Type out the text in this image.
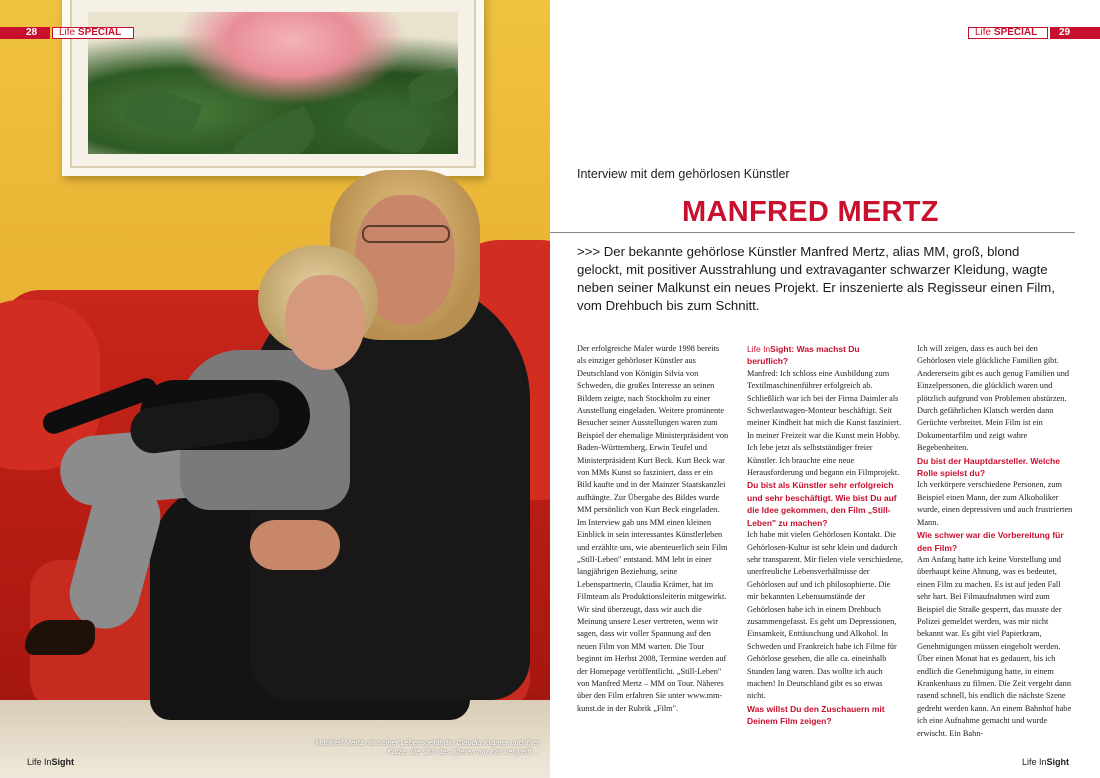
Manfred Mertz mit seiner Lebensgefährtin Claudia Krämer und ihrer Katze, die sich des öfteren am Fax vergreift ...
28	Life SPECIAL	Life SPECIAL	29
Life InSight	Life InSight
Interview mit dem gehörlosen Künstler
MANFRED MERTZ
>>> Der bekannte gehörlose Künstler Manfred Mertz, alias MM, groß, blond gelockt, mit positiver Ausstrahlung und extravaganter schwarzer Kleidung, wagte neben seiner Malkunst ein neues Projekt. Er inszenierte als Regisseur einen Film, vom Drehbuch bis zum Schnitt.

Der erfolgreiche Maler wurde 1998 bereits als einziger gehörloser Künstler aus Deutschland von Königin Silvia von Schweden, die großes Interesse an seinen Bildern zeigte, nach Stockholm zu einer Ausstellung eingeladen. Weitere prominente Besucher seiner Ausstellungen waren zum Beispiel der ehemalige Ministerpräsident von Baden-Württemberg, Erwin Teufel und Ministerpräsident Kurt Beck. Kurt Beck war von MMs Kunst so fasziniert, dass er ein Bild kaufte und in der Mainzer Staatskanzlei aufhängte. Zur Übergabe des Bildes wurde MM persönlich von Kurt Beck eingeladen.

Im Interview gab uns MM einen kleinen Einblick in sein interessantes Künstlerleben und erzählte uns, wie abenteuerlich sein Film „Still-Leben" entstand. MM lebt in einer langjährigen Beziehung, seine Lebenspartnerin, Claudia Krämer, hat im Filmteam als Produktionsleiterin mitgewirkt.

Wir sind überzeugt, dass wir auch die Meinung unsere Leser vertreten, wenn wir sagen, dass wir voller Spannung auf den neuen Film von MM warten. Die Tour beginnt im Herbst 2008, Termine werden auf der Homepage veröffentlicht. „Still-Leben" von Manfred Mertz – MM on Tour. Näheres über den Film erfahren Sie unter www.mm-kunst.de in der Rubrik „Film".

Life InSight: Was machst Du beruflich?

Manfred: Ich schloss eine Ausbildung zum Textilmaschinenführer erfolgreich ab. Schließlich war ich bei der Firma Daimler als Schwerlastwagen-Monteur beschäftigt. Seit meiner Kindheit hat mich die Kunst fasziniert. In meiner Freizeit war die Kunst mein Hobby. Ich lebe jetzt als selbstständiger freier Künstler. Ich brauchte eine neue Herausforderung und begann ein Filmprojekt.

Du bist als Künstler sehr erfolgreich und sehr beschäftigt. Wie bist Du auf die Idee gekommen, den Film „Still-Leben" zu machen?

Ich habe mit vielen Gehörlosen Kontakt. Die Gehörlosen-Kultur ist sehr klein und dadurch sehr transparent. Mir fielen viele verschiedene, unerfreuliche Lebensverhältnisse der Gehörlosen auf und ich philosophierte. Die mir bekannten Lebensumstände der Gehörlosen habe ich in einem Drehbuch zusammengefasst. Es geht um Depressionen, Einsamkeit, Enttäuschung und Alkohol. In Schweden und Frankreich habe ich Filme für Gehörlose gesehen, die alle ca. eineinhalb Stunden lang waren. Das wollte ich auch machen! In Deutschland gibt es so etwas nicht.

Was willst Du den Zuschauern mit Deinem Film zeigen?

Ich will zeigen, dass es auch bei den Gehörlosen viele glückliche Familien gibt. Andererseits gibt es auch genug Familien und Einzelpersonen, die glücklich waren und plötzlich aufgrund von Problemen abstürzen. Durch gefährlichen Klatsch werden dann Gerüchte verbreitet. Mein Film ist ein Dokumentarfilm und zeigt wahre Begebenheiten.

Du bist der Hauptdarsteller. Welche Rolle spielst du?

Ich verkörpere verschiedene Personen, zum Beispiel einen Mann, der zum Alkoholiker wurde, einen depressiven und auch frustrierten Mann.

Wie schwer war die Vorbereitung für den Film?

Am Anfang hatte ich keine Vorstellung und überhaupt keine Ahnung, was es bedeutet, einen Film zu machen. Es ist auf jeden Fall sehr hart. Bei Filmaufnahmen wird zum Beispiel die Straße gesperrt, das musste der Polizei gemeldet werden, was mir nicht bekannt war. Es gibt viel Papierkram, Genehmigungen müssen eingeholt werden. Über einen Monat hat es gedauert, bis ich endlich die Genehmigung hatte, in einem Krankenhaus zu filmen. Die Zeit vergeht dann rasend schnell, bis endlich die nächste Szene gedreht werden kann. An einem Bahnhof habe ich eine Aufnahme gemacht und wurde erwischt. Ein Bahn-
